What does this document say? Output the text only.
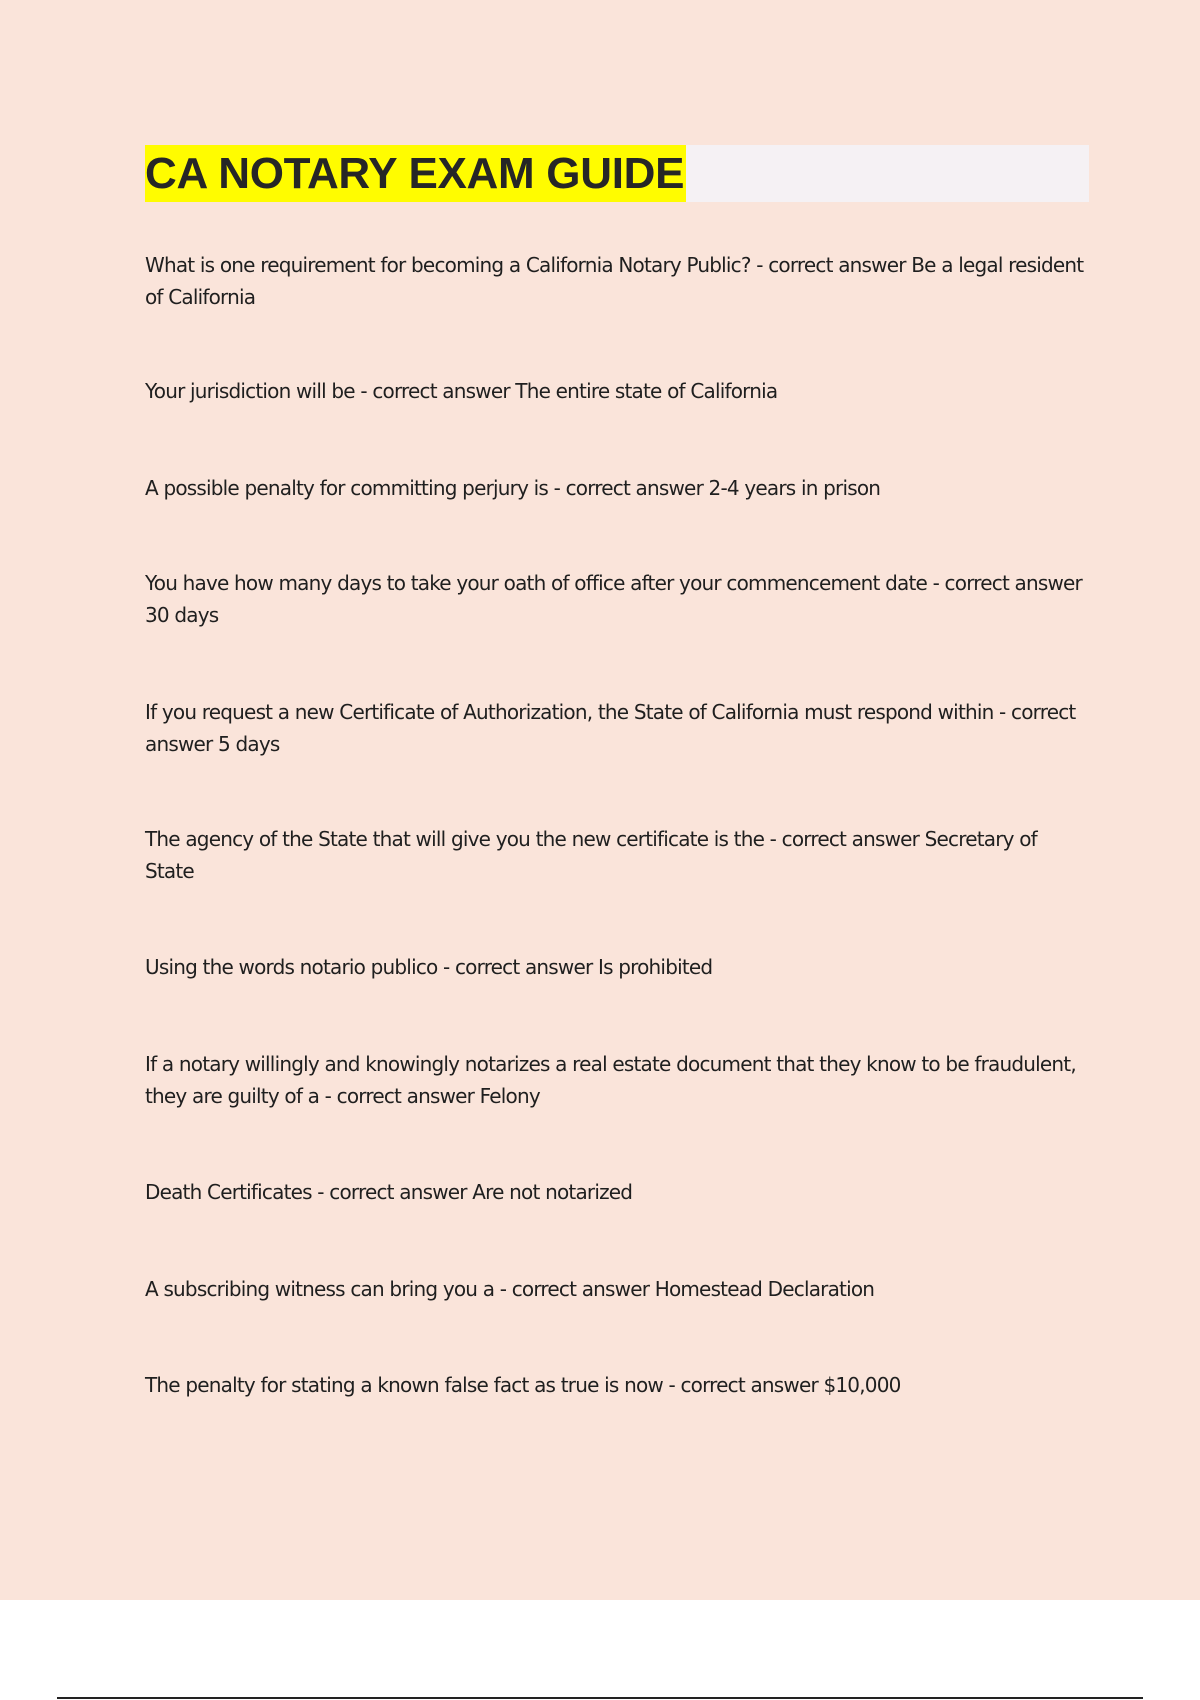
CA NOTARY EXAM GUIDE

What is one requirement for becoming a California Notary Public? - correct answer Be a legal resident of California

Your jurisdiction will be - correct answer The entire state of California

A possible penalty for committing perjury is - correct answer 2-4 years in prison

You have how many days to take your oath of office after your commencement date - correct answer 30 days

If you request a new Certificate of Authorization, the State of California must respond within - correct answer 5 days

The agency of the State that will give you the new certificate is the - correct answer Secretary of State

Using the words notario publico - correct answer Is prohibited

If a notary willingly and knowingly notarizes a real estate document that they know to be fraudulent, they are guilty of a - correct answer Felony

Death Certificates - correct answer Are not notarized

A subscribing witness can bring you a - correct answer Homestead Declaration

The penalty for stating a known false fact as true is now - correct answer $10,000
